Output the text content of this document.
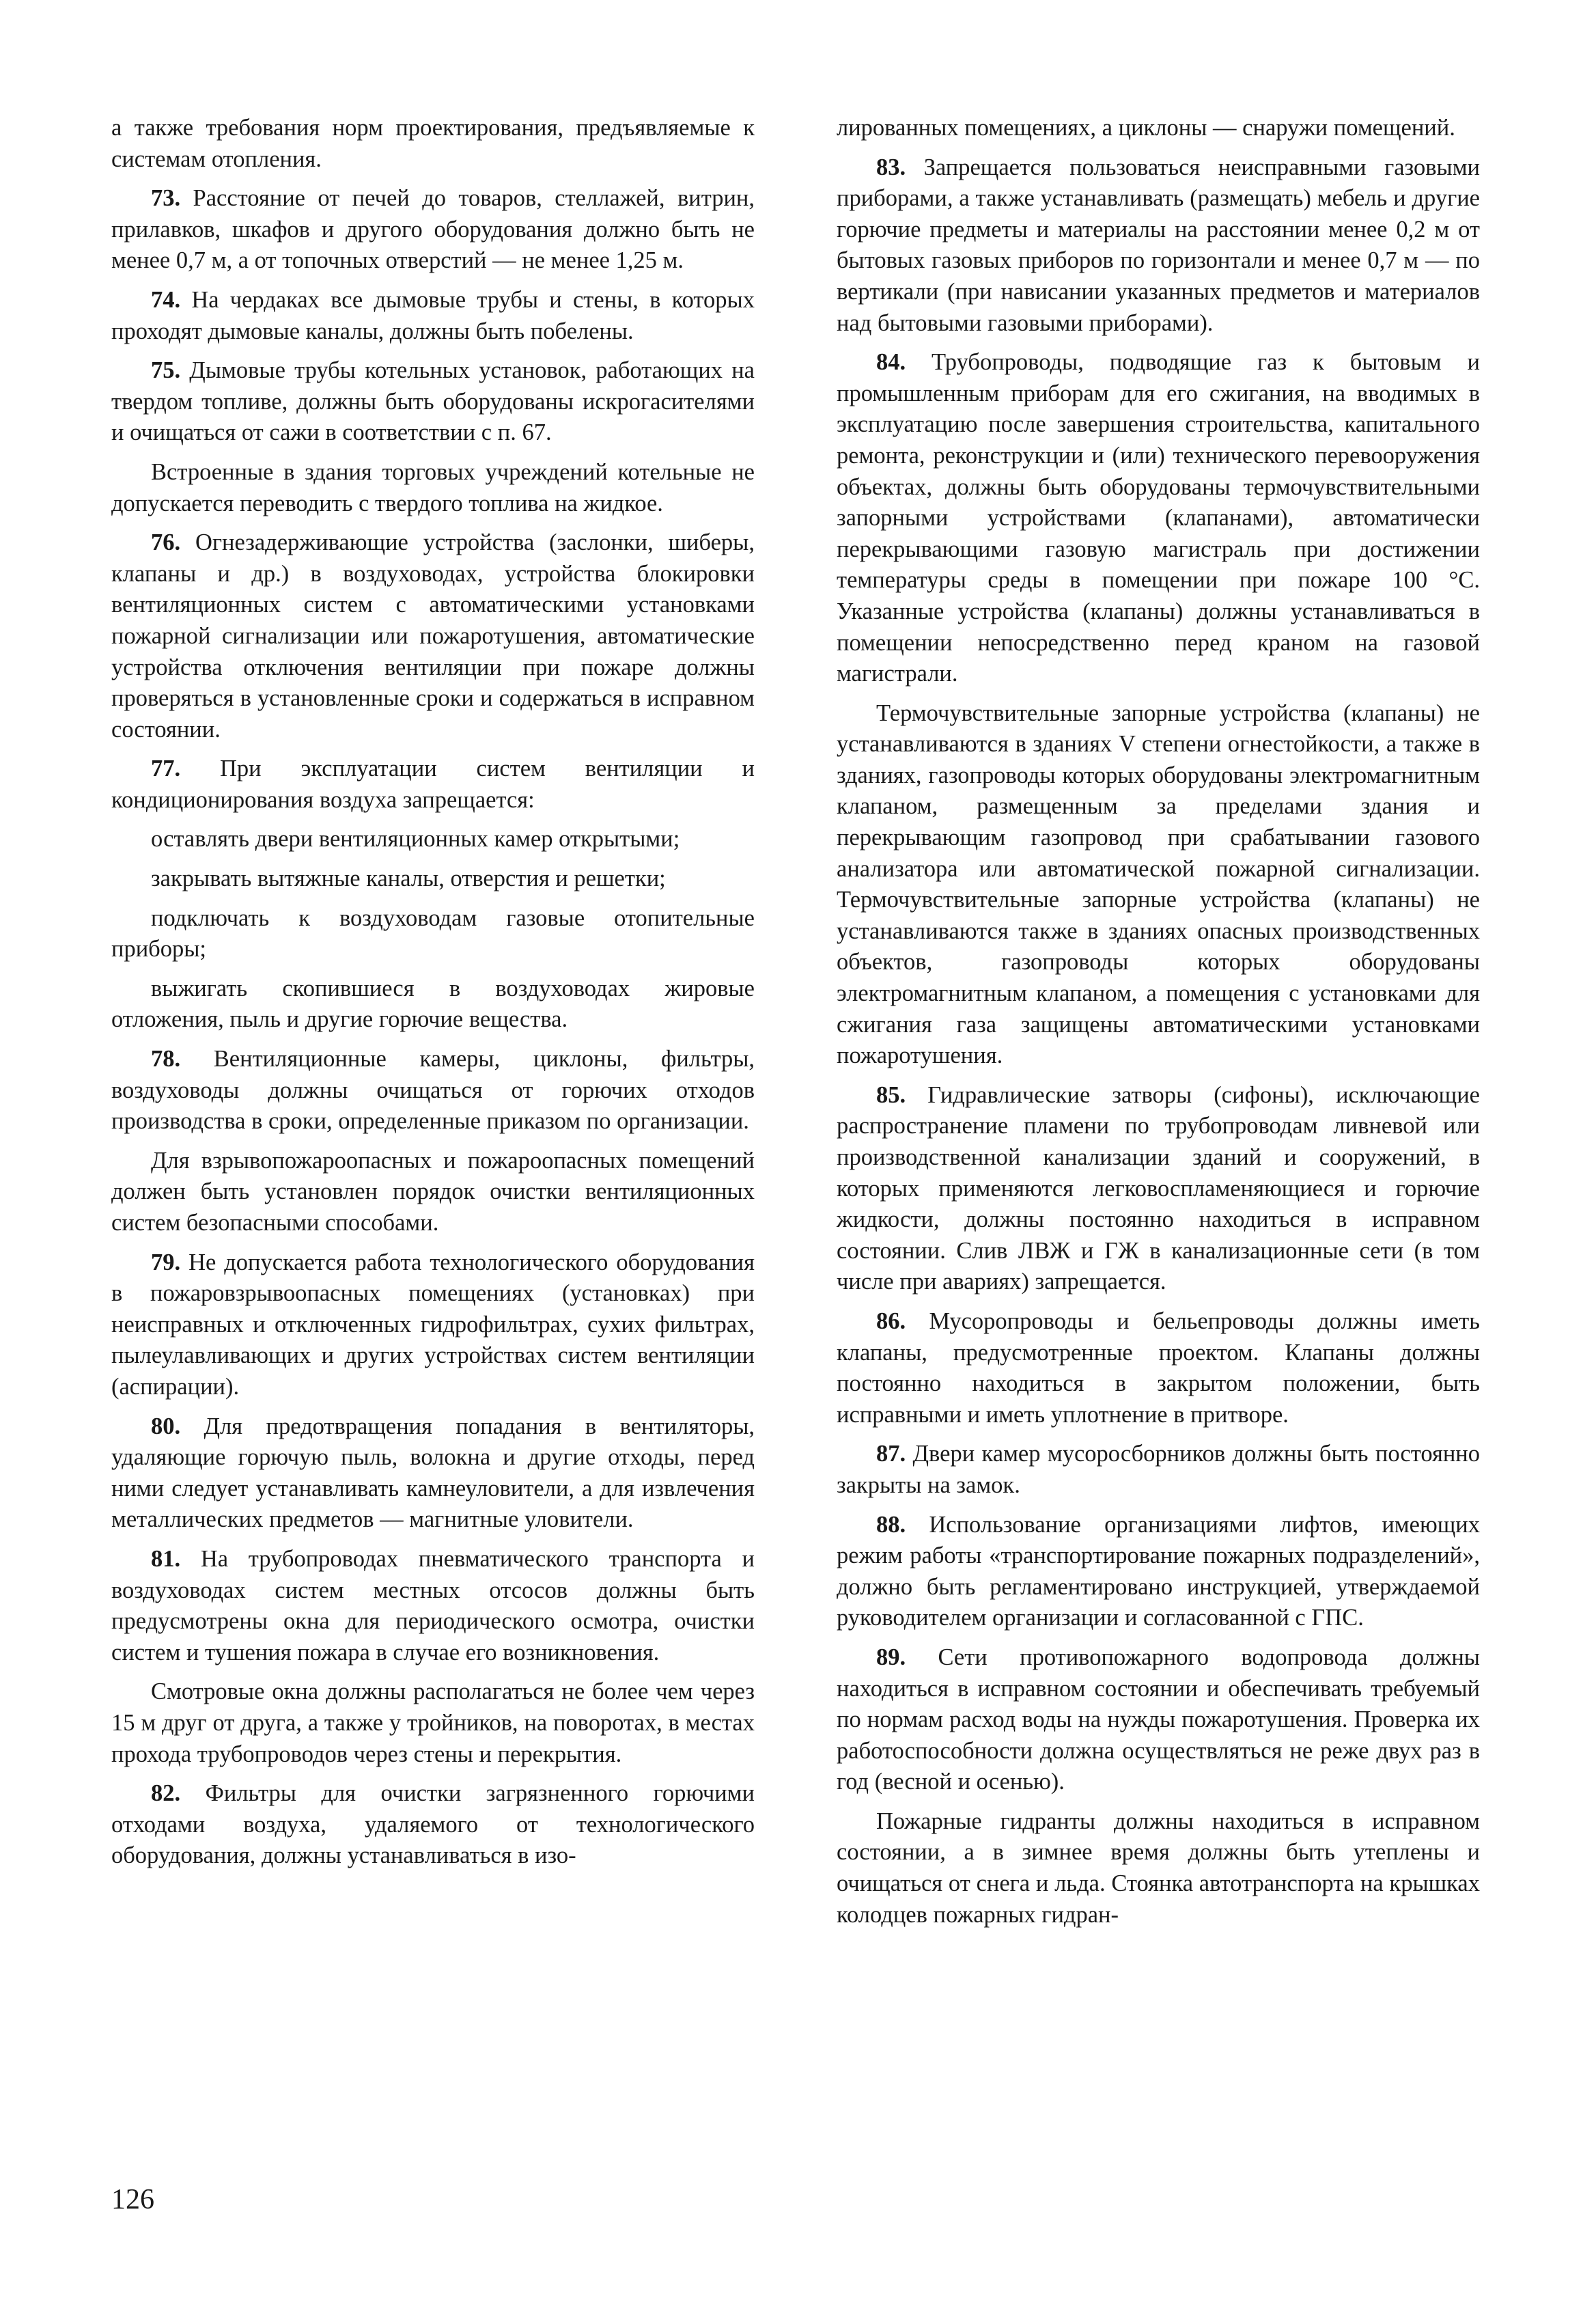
а также требования норм проектирования, предъявляемые к системам отопления.

73. Расстояние от печей до товаров, стеллажей, витрин, прилавков, шкафов и другого оборудования должно быть не менее 0,7 м, а от топочных отверстий — не менее 1,25 м.

74. На чердаках все дымовые трубы и стены, в которых проходят дымовые каналы, должны быть побелены.

75. Дымовые трубы котельных установок, работающих на твердом топливе, должны быть оборудованы искрогасителями и очищаться от сажи в соответствии с п. 67.

Встроенные в здания торговых учреждений котельные не допускается переводить с твердого топлива на жидкое.

76. Огнезадерживающие устройства (заслонки, шиберы, клапаны и др.) в воздуховодах, устройства блокировки вентиляционных систем с автоматическими установками пожарной сигнализации или пожаротушения, автоматические устройства отключения вентиляции при пожаре должны проверяться в установленные сроки и содержаться в исправном состоянии.

77. При эксплуатации систем вентиляции и кондиционирования воздуха запрещается:

оставлять двери вентиляционных камер открытыми;

закрывать вытяжные каналы, отверстия и решетки;

подключать к воздуховодам газовые отопительные приборы;

выжигать скопившиеся в воздуховодах жировые отложения, пыль и другие горючие вещества.

78. Вентиляционные камеры, циклоны, фильтры, воздуховоды должны очищаться от горючих отходов производства в сроки, определенные приказом по организации.

Для взрывопожароопасных и пожароопасных помещений должен быть установлен порядок очистки вентиляционных систем безопасными способами.

79. Не допускается работа технологического оборудования в пожаровзрывоопасных помещениях (установках) при неисправных и отключенных гидрофильтрах, сухих фильтрах, пылеулавливающих и других устройствах систем вентиляции (аспирации).

80. Для предотвращения попадания в вентиляторы, удаляющие горючую пыль, волокна и другие отходы, перед ними следует устанавливать камнеуловители, а для извлечения металлических предметов — магнитные уловители.

81. На трубопроводах пневматического транспорта и воздуховодах систем местных отсосов должны быть предусмотрены окна для периодического осмотра, очистки систем и тушения пожара в случае его возникновения.

Смотровые окна должны располагаться не более чем через 15 м друг от друга, а также у тройников, на поворотах, в местах прохода трубопроводов через стены и перекрытия.

82. Фильтры для очистки загрязненного горючими отходами воздуха, удаляемого от технологического оборудования, должны устанавливаться в изо-

лированных помещениях, а циклоны — снаружи помещений.

83. Запрещается пользоваться неисправными газовыми приборами, а также устанавливать (размещать) мебель и другие горючие предметы и материалы на расстоянии менее 0,2 м от бытовых газовых приборов по горизонтали и менее 0,7 м — по вертикали (при нависании указанных предметов и материалов над бытовыми газовыми приборами).

84. Трубопроводы, подводящие газ к бытовым и промышленным приборам для его сжигания, на вводимых в эксплуатацию после завершения строительства, капитального ремонта, реконструкции и (или) технического перевооружения объектах, должны быть оборудованы термочувствительными запорными устройствами (клапанами), автоматически перекрывающими газовую магистраль при достижении температуры среды в помещении при пожаре 100 °С. Указанные устройства (клапаны) должны устанавливаться в помещении непосредственно перед краном на газовой магистрали.

Термочувствительные запорные устройства (клапаны) не устанавливаются в зданиях V степени огнестойкости, а также в зданиях, газопроводы которых оборудованы электромагнитным клапаном, размещенным за пределами здания и перекрывающим газопровод при срабатывании газового анализатора или автоматической пожарной сигнализации. Термочувствительные запорные устройства (клапаны) не устанавливаются также в зданиях опасных производственных объектов, газопроводы которых оборудованы электромагнитным клапаном, а помещения с установками для сжигания газа защищены автоматическими установками пожаротушения.

85. Гидравлические затворы (сифоны), исключающие распространение пламени по трубопроводам ливневой или производственной канализации зданий и сооружений, в которых применяются легковоспламеняющиеся и горючие жидкости, должны постоянно находиться в исправном состоянии. Слив ЛВЖ и ГЖ в канализационные сети (в том числе при авариях) запрещается.

86. Мусоропроводы и бельепроводы должны иметь клапаны, предусмотренные проектом. Клапаны должны постоянно находиться в закрытом положении, быть исправными и иметь уплотнение в притворе.

87. Двери камер мусоросборников должны быть постоянно закрыты на замок.

88. Использование организациями лифтов, имеющих режим работы «транспортирование пожарных подразделений», должно быть регламентировано инструкцией, утверждаемой руководителем организации и согласованной с ГПС.

89. Сети противопожарного водопровода должны находиться в исправном состоянии и обеспечивать требуемый по нормам расход воды на нужды пожаротушения. Проверка их работоспособности должна осуществляться не реже двух раз в год (весной и осенью).

Пожарные гидранты должны находиться в исправном состоянии, а в зимнее время должны быть утеплены и очищаться от снега и льда. Стоянка автотранспорта на крышках колодцев пожарных гидран-

126
